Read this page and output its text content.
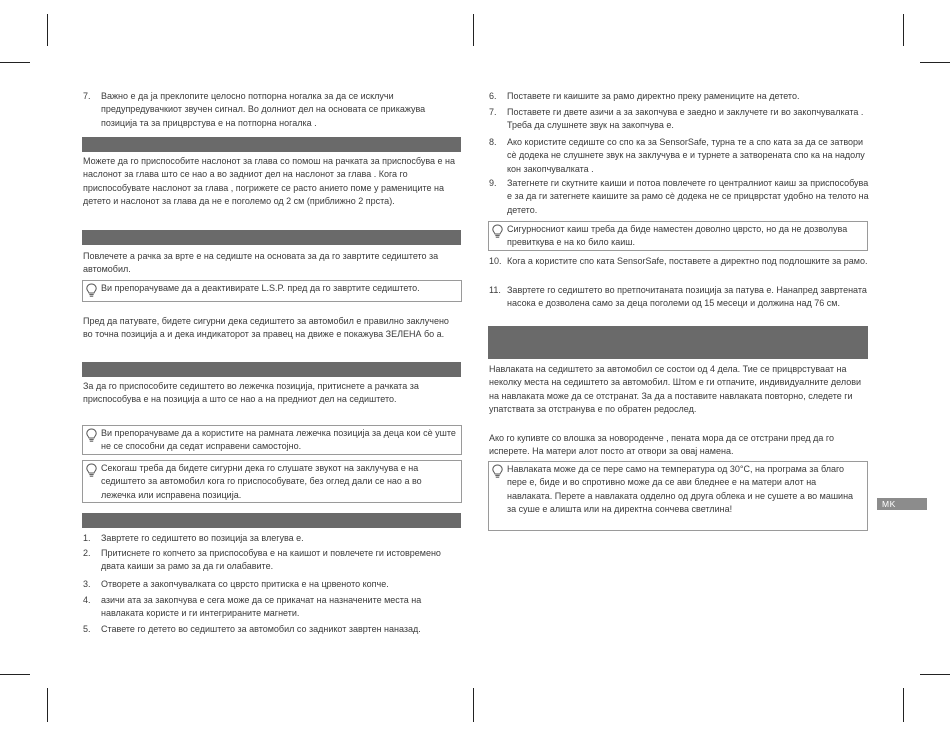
7. Важно е да ја преклопите целосно потпорна ногалка за да се исклучи предупредувачкиот звучен сигнал. Во долниот дел на основата се прикажува позиција та за прицврстува е на потпорна ногалка .
Можете да го приспособите наслонот за глава со помош на рачката за приспосбува е на наслонот за глава што се нао а во задниот дел на наслонот за глава . Кога го приспособувате наслонот за глава , погрижете се расто анието поме у рамениците на детето и наслонот за глава да не е поголемо од 2 см (приближно 2 прста).
Повлечете а рачка за врте е на седиште на основата за да го завртите седиштето за автомобил.
Ви препорачуваме да а деактивирате L.S.P. пред да го завртите седиштето.
Пред да патувате, бидете сигурни дека седиштето за автомобил е правилно заклучено во точна позиција а и дека индикаторот за правец на движе е покажува ЗЕЛЕНА бо а.
За да го приспособите седиштето во лежечка позиција, притиснете а рачката за приспособува е на позиција а што се нао а на предниот дел на седиштето.
Ви препорачуваме да а користите на рамната лежечка позиција за деца кои сè уште не се способни да седат исправени самостојно.
Секогаш треба да бидете сигурни дека го слушате звукот на заклучува е на седиштето за автомобил кога го приспособувате, без оглед дали се нао а во лежечка или исправена позиција.
1. Завртете го седиштето во позиција за влегува е.
2. Притиснете го копчето за приспособува е на каишот и повлечете ги истовремено двата каиши за рамо за да ги олабавите.
3. Отворете а закопчувалката со цврсто притиска е на црвеното копче.
4. азичи ата за закопчува е сега може да се прикачат на назначените места на навлаката користе и ги интегрираните магнети.
5. Ставете го детето во седиштето за автомобил со задникот завртен наназад.
6. Поставете ги каишите за рамо директно преку рамениците на детето.
7. Поставете ги двете азичи а за закопчува е заедно и заклучете ги во закопчувалката . Треба да слушнете звук на закопчува е.
8. Ако користите седиште со спо ка за SensorSafe, турна те а спо ката за да се затвори сè додека не слушнете звук на заклучува е и турнете а затворената спо ка на надолу кон закопчувалката .
9. Затегнете ги скутните каиши и потоа повлечете го централниот каиш за приспособува е за да ги затегнете каишите за рамо сè додека не се прицврстат удобно на телото на детето.
Сигурносниот каиш треба да биде наместен доволно цврсто, но да не дозволува превиткува е на ко било каиш.
10. Кога а користите спо ката SensorSafe, поставете а директно под подлошките за рамо.
11. Завртете го седиштето во претпочитаната позиција за патува е. Нанапред завртената насока е дозволена само за деца поголеми од 15 месеци и должина над 76 см.
Навлаката на седиштето за автомобил се состои од 4 дела. Тие се прицврстуваат на неколку места на седиштето за автомобил. Штом е ги отпачите, индивидуалните делови на навлаката може да се отстранат. За да а поставите навлаката повторно, следете ги упатствата за отстранува е по обратен редослед.
Ако го купивте со влошка за новороденче , пената мора да се отстрани пред да го исперете. На матери алот посто ат отвори за овај намена.
Навлаката може да се пере само на температура од 30°C, на програма за благо пере е, биде и во спротивно може да се ави бледнее е на матери алот на навлаката. Перете а навлаката одделно од друга облека и не сушете а во машина за суше е алишта или на директна сончева светлина!
MK
